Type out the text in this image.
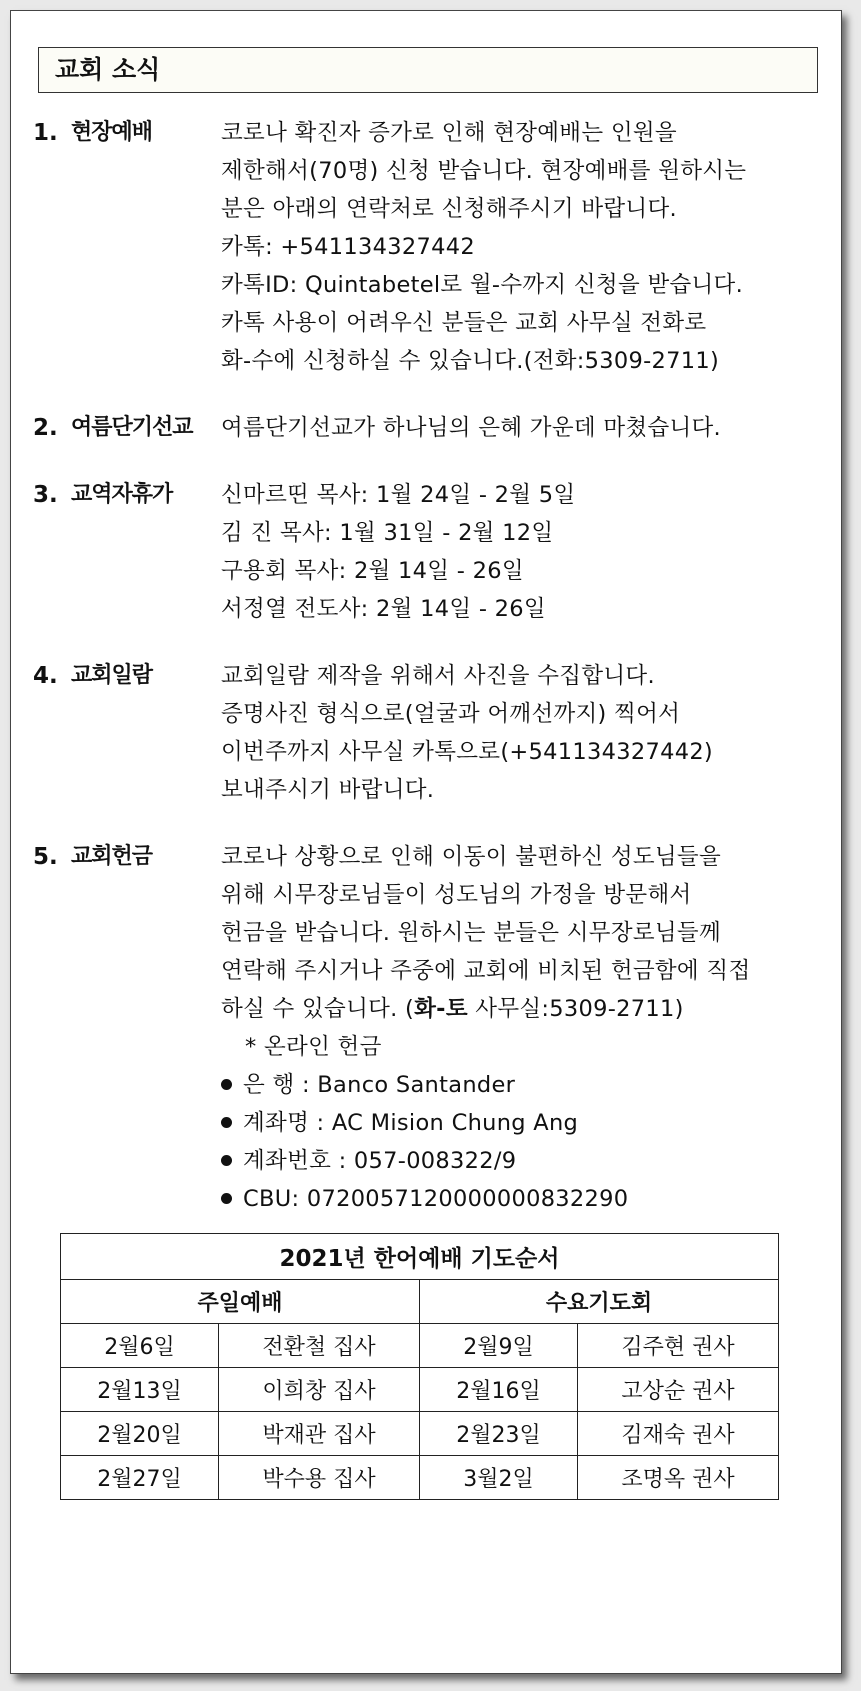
교회 소식
1. 현장예배	코로나 확진자 증가로 인해 현장예배는 인원을
제한해서(70명) 신청 받습니다. 현장예배를 원하시는
분은 아래의 연락처로 신청해주시기 바랍니다.
카톡: +541134327442
카톡ID: Quintabetel로 월-수까지 신청을 받습니다.
카톡 사용이 어려우신 분들은 교회 사무실 전화로
화-수에 신청하실 수 있습니다.(전화:5309-2711)
2. 여름단기선교	여름단기선교가 하나님의 은혜 가운데 마쳤습니다.
3. 교역자휴가	신마르띤 목사: 1월 24일 - 2월 5일
김 진 목사: 1월 31일 - 2월 12일
구용회 목사: 2월 14일 - 26일
서정열 전도사: 2월 14일 - 26일
4. 교회일람	교회일람 제작을 위해서 사진을 수집합니다.
증명사진 형식으로(얼굴과 어깨선까지) 찍어서
이번주까지 사무실 카톡으로(+541134327442)
보내주시기 바랍니다.
5. 교회헌금	코로나 상황으로 인해 이동이 불편하신 성도님들을
위해 시무장로님들이 성도님의 가정을 방문해서
헌금을 받습니다. 원하시는 분들은 시무장로님들께
연락해 주시거나 주중에 교회에 비치된 헌금함에 직접
하실 수 있습니다. (화-토 사무실:5309-2711)
* 온라인 헌금
은 행 : Banco Santander
계좌명 : AC Mision Chung Ang
계좌번호 : 057-008322/9
CBU: 0720057120000000832290
2021년 한어예배 기도순서			
주일예배		수요기도회	
2월6일	전환철 집사	2월9일	김주현 권사
2월13일	이희창 집사	2월16일	고상순 권사
2월20일	박재관 집사	2월23일	김재숙 권사
2월27일	박수용 집사	3월2일	조명옥 권사
